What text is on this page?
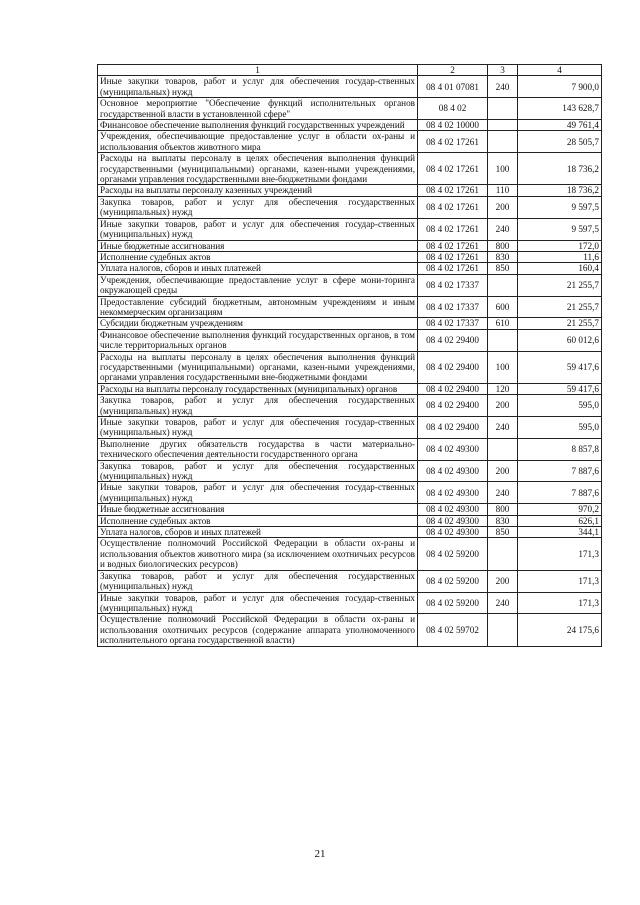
1	2	3	4
Иные закупки товаров, работ и услуг для обеспечения государ-ственных (муниципальных) нужд	08 4 01 07081	240	7 900,0
Основное мероприятие "Обеспечение функций исполнительных органов государственной власти в установленной сфере"	08 4 02		143 628,7
Финансовое обеспечение выполнения функций государственных учреждений	08 4 02 10000		49 761,4
Учреждения, обеспечивающие предоставление услуг в области ох-раны и использования объектов животного мира	08 4 02 17261		28 505,7
Расходы на выплаты персоналу в целях обеспечения выполнения функций государственными (муниципальными) органами, казен-ными учреждениями, органами управления государственными вне-бюджетными фондами	08 4 02 17261	100	18 736,2
Расходы на выплаты персоналу казенных учреждений	08 4 02 17261	110	18 736,2
Закупка товаров, работ и услуг для обеспечения государственных (муниципальных) нужд	08 4 02 17261	200	9 597,5
Иные закупки товаров, работ и услуг для обеспечения государ-ственных (муниципальных) нужд	08 4 02 17261	240	9 597,5
Иные бюджетные ассигнования	08 4 02 17261	800	172,0
Исполнение судебных актов	08 4 02 17261	830	11,6
Уплата налогов, сборов и иных платежей	08 4 02 17261	850	160,4
Учреждения, обеспечивающие предоставление услуг в сфере мони-торинга окружающей среды	08 4 02 17337		21 255,7
Предоставление субсидий бюджетным, автономным учреждениям и иным некоммерческим организациям	08 4 02 17337	600	21 255,7
Субсидии бюджетным учреждениям	08 4 02 17337	610	21 255,7
Финансовое обеспечение выполнения функций государственных органов, в том числе территориальных органов	08 4 02 29400		60 012,6
Расходы на выплаты персоналу в целях обеспечения выполнения функций государственными (муниципальными) органами, казен-ными учреждениями, органами управления государственными вне-бюджетными фондами	08 4 02 29400	100	59 417,6
Расходы на выплаты персоналу государственных (муниципальных) органов	08 4 02 29400	120	59 417,6
Закупка товаров, работ и услуг для обеспечения государственных (муниципальных) нужд	08 4 02 29400	200	595,0
Иные закупки товаров, работ и услуг для обеспечения государ-ственных (муниципальных) нужд	08 4 02 29400	240	595,0
Выполнение других обязательств государства в части материально-технического обеспечения деятельности государственного органа	08 4 02 49300		8 857,8
Закупка товаров, работ и услуг для обеспечения государственных (муниципальных) нужд	08 4 02 49300	200	7 887,6
Иные закупки товаров, работ и услуг для обеспечения государ-ственных (муниципальных) нужд	08 4 02 49300	240	7 887,6
Иные бюджетные ассигнования	08 4 02 49300	800	970,2
Исполнение судебных актов	08 4 02 49300	830	626,1
Уплата налогов, сборов и иных платежей	08 4 02 49300	850	344,1
Осуществление полномочий Российской Федерации в области ох-раны и использования объектов животного мира (за исключением охотничьих ресурсов и водных биологических ресурсов)	08 4 02 59200		171,3
Закупка товаров, работ и услуг для обеспечения государственных (муниципальных) нужд	08 4 02 59200	200	171,3
Иные закупки товаров, работ и услуг для обеспечения государ-ственных (муниципальных) нужд	08 4 02 59200	240	171,3
Осуществление полномочий Российской Федерации в области ох-раны и использования охотничьих ресурсов (содержание аппарата уполномоченного исполнительного органа государственной власти)	08 4 02 59702		24 175,6
21
